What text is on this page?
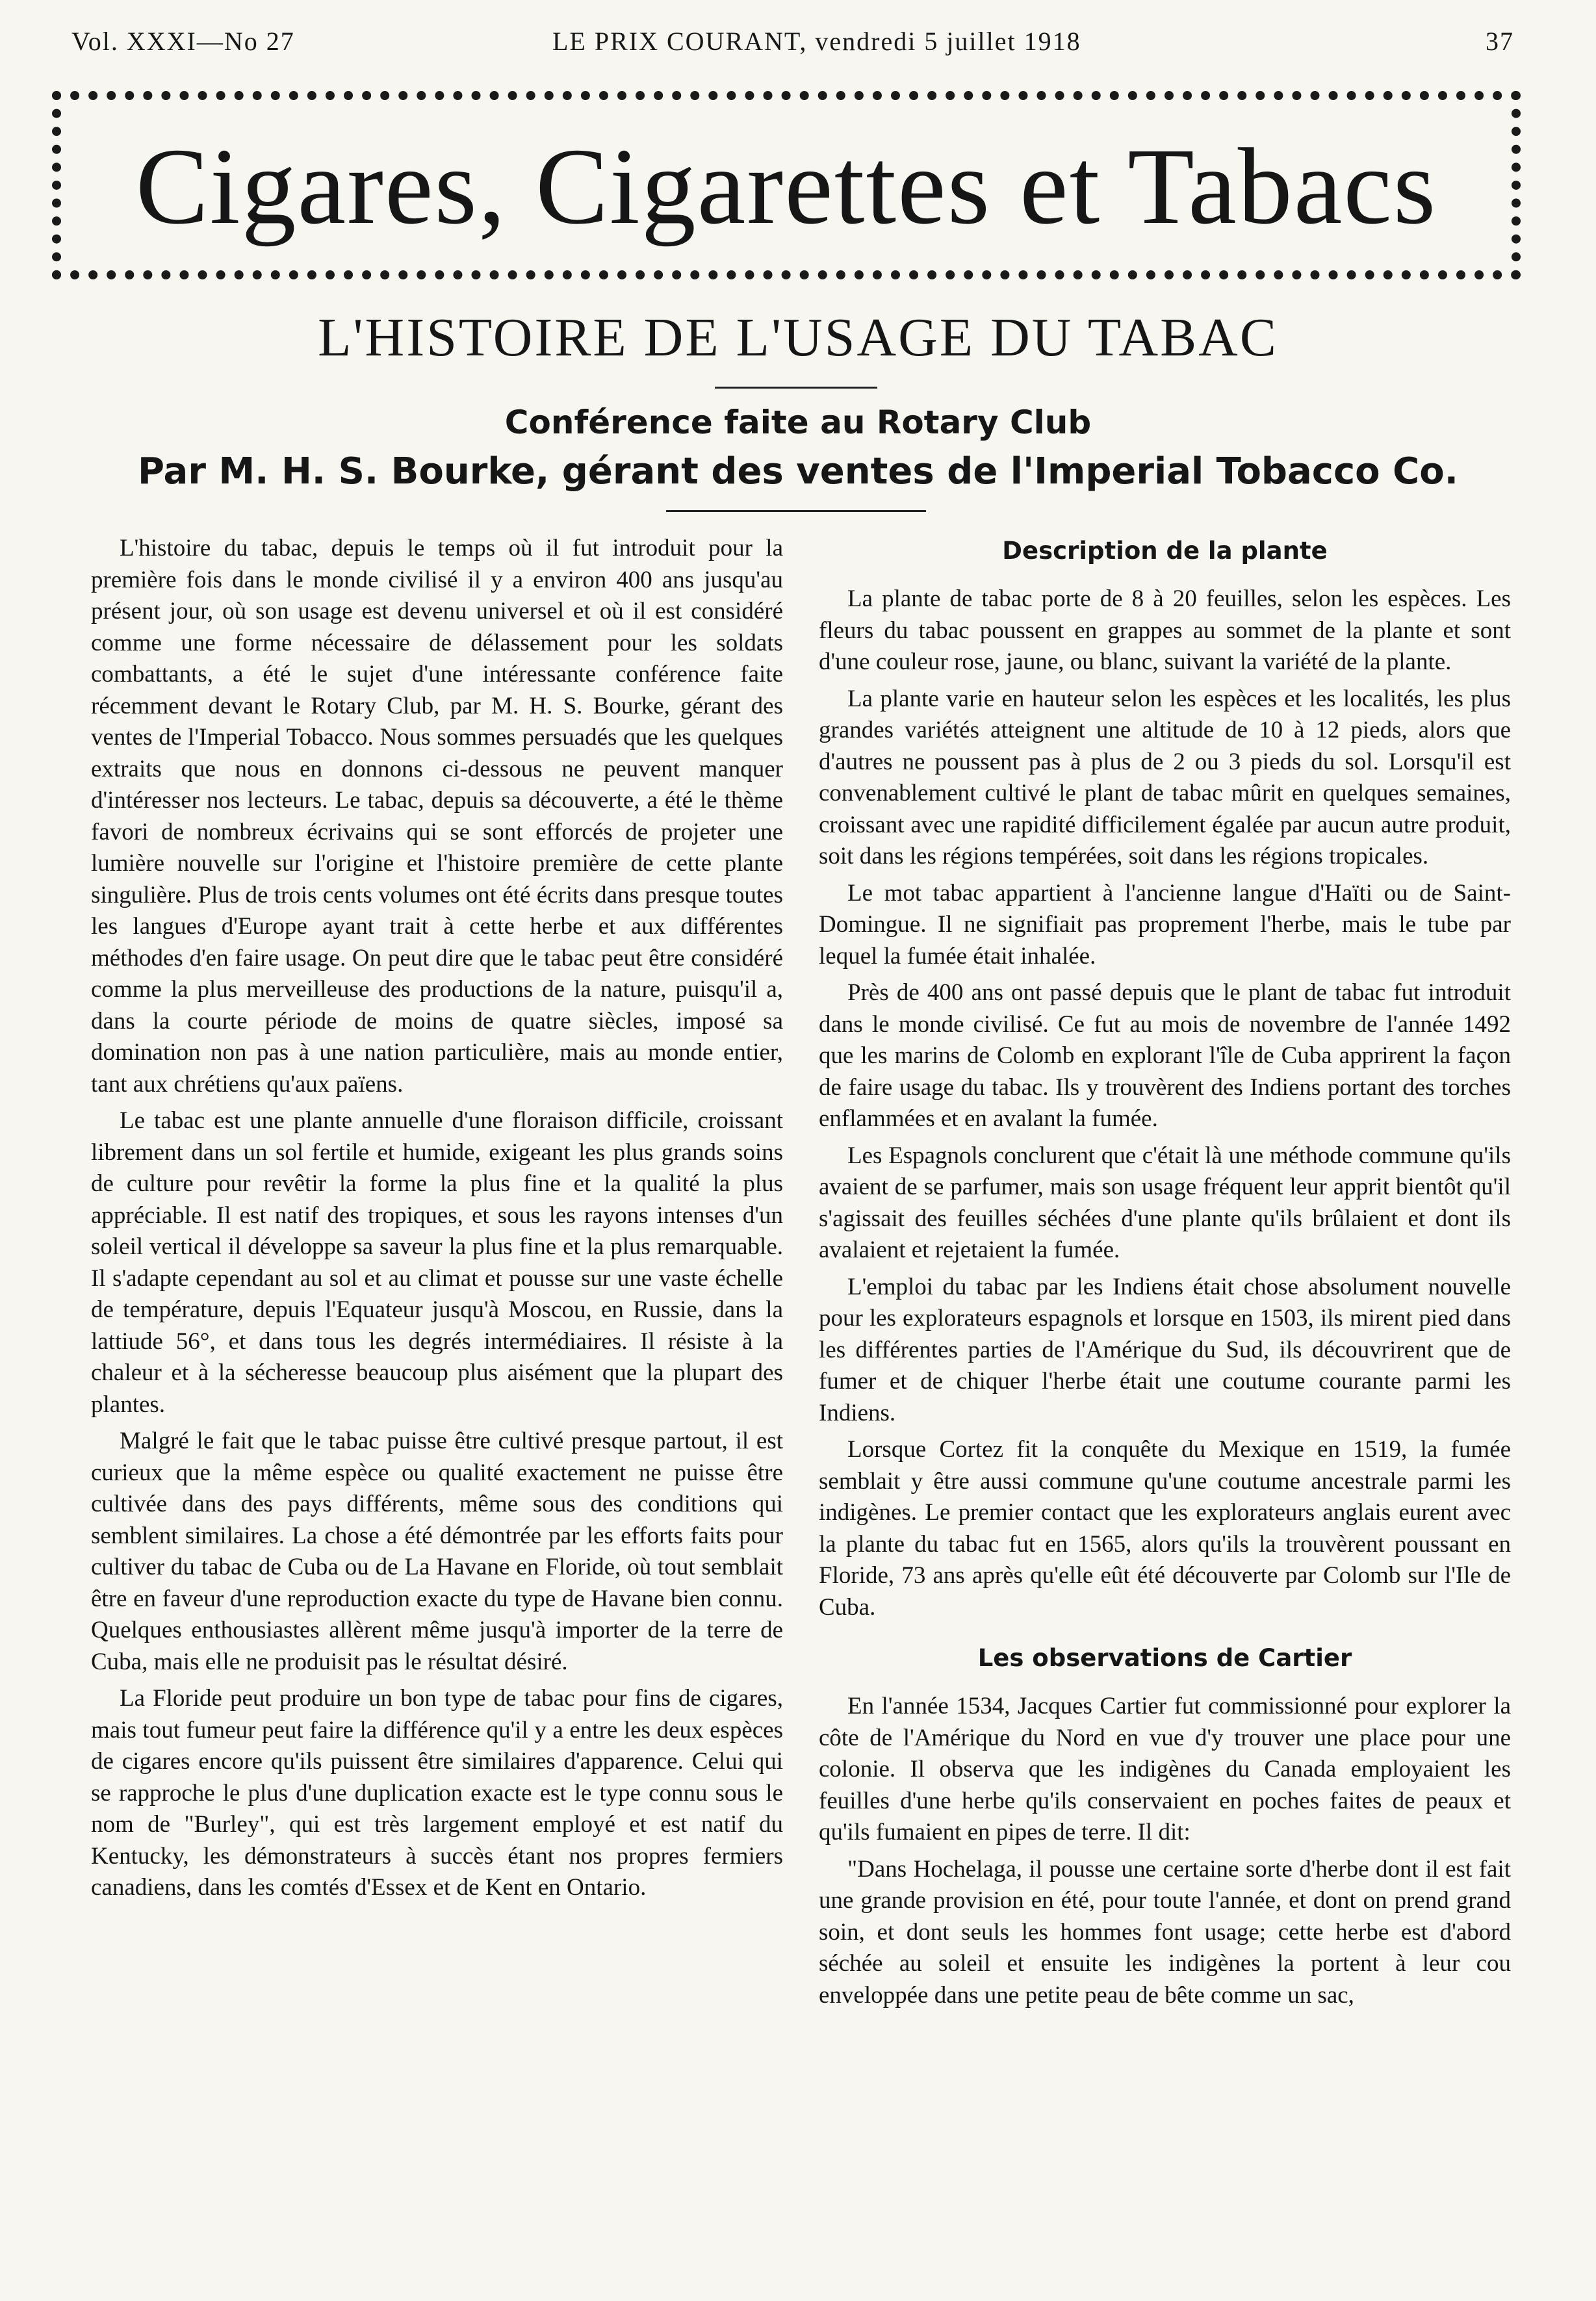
Vol. XXXI—No 27	LE PRIX COURANT, vendredi 5 juillet 1918	37
Cigares, Cigarettes et Tabacs
L'HISTOIRE DE L'USAGE DU TABAC
Conférence faite au Rotary Club
Par M. H. S. Bourke, gérant des ventes de l'Imperial Tobacco Co.

L'histoire du tabac, depuis le temps où il fut introduit pour la première fois dans le monde civilisé il y a environ 400 ans jusqu'au présent jour, où son usage est devenu universel et où il est considéré comme une forme nécessaire de délassement pour les soldats combattants, a été le sujet d'une intéressante conférence faite récemment devant le Rotary Club, par M. H. S. Bourke, gérant des ventes de l'Imperial Tobacco. Nous sommes persuadés que les quelques extraits que nous en donnons ci-dessous ne peuvent manquer d'intéresser nos lecteurs. Le tabac, depuis sa découverte, a été le thème favori de nombreux écrivains qui se sont efforcés de projeter une lumière nouvelle sur l'origine et l'histoire première de cette plante singulière. Plus de trois cents volumes ont été écrits dans presque toutes les langues d'Europe ayant trait à cette herbe et aux différentes méthodes d'en faire usage. On peut dire que le tabac peut être considéré comme la plus merveilleuse des productions de la nature, puisqu'il a, dans la courte période de moins de quatre siècles, imposé sa domination non pas à une nation particulière, mais au monde entier, tant aux chrétiens qu'aux païens.

Le tabac est une plante annuelle d'une floraison difficile, croissant librement dans un sol fertile et humide, exigeant les plus grands soins de culture pour revêtir la forme la plus fine et la qualité la plus appréciable. Il est natif des tropiques, et sous les rayons intenses d'un soleil vertical il développe sa saveur la plus fine et la plus remarquable. Il s'adapte cependant au sol et au climat et pousse sur une vaste échelle de température, depuis l'Equateur jusqu'à Moscou, en Russie, dans la lattiude 56°, et dans tous les degrés intermédiaires. Il résiste à la chaleur et à la sécheresse beaucoup plus aisément que la plupart des plantes.

Malgré le fait que le tabac puisse être cultivé presque partout, il est curieux que la même espèce ou qualité exactement ne puisse être cultivée dans des pays différents, même sous des conditions qui semblent similaires. La chose a été démontrée par les efforts faits pour cultiver du tabac de Cuba ou de La Havane en Floride, où tout semblait être en faveur d'une reproduction exacte du type de Havane bien connu. Quelques enthousiastes allèrent même jusqu'à importer de la terre de Cuba, mais elle ne produisit pas le résultat désiré.

La Floride peut produire un bon type de tabac pour fins de cigares, mais tout fumeur peut faire la différence qu'il y a entre les deux espèces de cigares encore qu'ils puissent être similaires d'apparence. Celui qui se rapproche le plus d'une duplication exacte est le type connu sous le nom de "Burley", qui est très largement employé et est natif du Kentucky, les démonstrateurs à succès étant nos propres fermiers canadiens, dans les comtés d'Essex et de Kent en Ontario.

Description de la plante

La plante de tabac porte de 8 à 20 feuilles, selon les espèces. Les fleurs du tabac poussent en grappes au sommet de la plante et sont d'une couleur rose, jaune, ou blanc, suivant la variété de la plante.

La plante varie en hauteur selon les espèces et les localités, les plus grandes variétés atteignent une altitude de 10 à 12 pieds, alors que d'autres ne poussent pas à plus de 2 ou 3 pieds du sol. Lorsqu'il est convenablement cultivé le plant de tabac mûrit en quelques semaines, croissant avec une rapidité difficilement égalée par aucun autre produit, soit dans les régions tempérées, soit dans les régions tropicales.

Le mot tabac appartient à l'ancienne langue d'Haïti ou de Saint-Domingue. Il ne signifiait pas proprement l'herbe, mais le tube par lequel la fumée était inhalée.

Près de 400 ans ont passé depuis que le plant de tabac fut introduit dans le monde civilisé. Ce fut au mois de novembre de l'année 1492 que les marins de Colomb en explorant l'île de Cuba apprirent la façon de faire usage du tabac. Ils y trouvèrent des Indiens portant des torches enflammées et en avalant la fumée.

Les Espagnols conclurent que c'était là une méthode commune qu'ils avaient de se parfumer, mais son usage fréquent leur apprit bientôt qu'il s'agissait des feuilles séchées d'une plante qu'ils brûlaient et dont ils avalaient et rejetaient la fumée.

L'emploi du tabac par les Indiens était chose absolument nouvelle pour les explorateurs espagnols et lorsque en 1503, ils mirent pied dans les différentes parties de l'Amérique du Sud, ils découvrirent que de fumer et de chiquer l'herbe était une coutume courante parmi les Indiens.

Lorsque Cortez fit la conquête du Mexique en 1519, la fumée semblait y être aussi commune qu'une coutume ancestrale parmi les indigènes. Le premier contact que les explorateurs anglais eurent avec la plante du tabac fut en 1565, alors qu'ils la trouvèrent poussant en Floride, 73 ans après qu'elle eût été découverte par Colomb sur l'Ile de Cuba.

Les observations de Cartier

En l'année 1534, Jacques Cartier fut commissionné pour explorer la côte de l'Amérique du Nord en vue d'y trouver une place pour une colonie. Il observa que les indigènes du Canada employaient les feuilles d'une herbe qu'ils conservaient en poches faites de peaux et qu'ils fumaient en pipes de terre. Il dit:

"Dans Hochelaga, il pousse une certaine sorte d'herbe dont il est fait une grande provision en été, pour toute l'année, et dont on prend grand soin, et dont seuls les hommes font usage; cette herbe est d'abord séchée au soleil et ensuite les indigènes la portent à leur cou enveloppée dans une petite peau de bête comme un sac,
